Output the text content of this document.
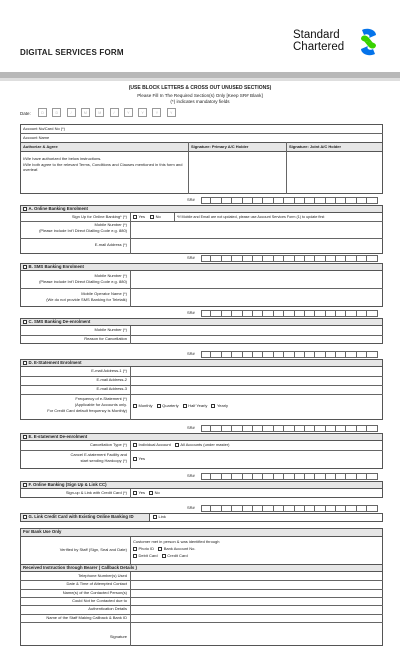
Standard
Chartered
DIGITAL SERVICES FORM
(USE BLOCK LETTERS & CROSS OUT UNUSED SECTIONS)
Please Fill In The Required Section(s) Only [Keep SR# Blank]
(*) indicates mandatory fields
Date:	D	D	/	M	M	/	Y	Y	Y	Y
Account No/Card No (*)
Account Name
Authorize & Agree	Signature: Primary A/C Holder	Signature: Joint A/C Holder
I/We have authorized the below instructions.
I/We both agree to the relevant Terms, Conditions and Clauses mentioned in this form and overleaf.
SR#
A. Online Banking Enrolment
Sign Up for Online Banking* (*)	Yes	No	*If Mobile and Email are not updated, please use Account Services Form (1) to update first
Mobile Number (*)
(Please include Int'l Direct Dialling Code e.g. 880)
E-mail Address (*)
SR#
B. SMS Banking Enrolment
Mobile Number (*)
(Please include Int'l Direct Dialling Code e.g. 880)
Mobile Operator Name (*)
(We do not provide SMS Banking for Teletalk)
SR#
C. SMS Banking De-enrolment
Mobile Number (*)
Reason for Cancellation
SR#
D. E-Statement Enrolment
E-mail Address-1 (*)
E-mail Address-2
E-mail Address-3
Frequency of e-Statement (*)
(Applicable for Accounts only.
For Credit Card default frequency is Monthly)
Monthly Quarterly Half Yearly Yearly
SR#
E. E-statement De-enrolment
Cancellation Type (*)	Individual Account All Accounts (under master)
Cancel E-statement Facility and
start sending Hardcopy (*)	Yes
SR#
F. Online Banking (Sign Up & Link CC)
Sign-up & Link with Credit Card (*)	Yes No
SR#
G. Link Credit Card with Existing Online Banking ID	Link
For Bank Use Only
Verified by Staff (Sign, Seal and Date)
Customer met in person & was identified through
Photo ID Bank Account No.
Debit Card Credit Card
Received Instruction through Bearer ( Callback Details )
Telephone Number(s) Used
Date & Time of Attempted Contact
Name(s) of the Contacted Person(s)
Could Not be Contacted due to
Authentication Details
Name of the Staff Making Callback & Bank ID
Signature
